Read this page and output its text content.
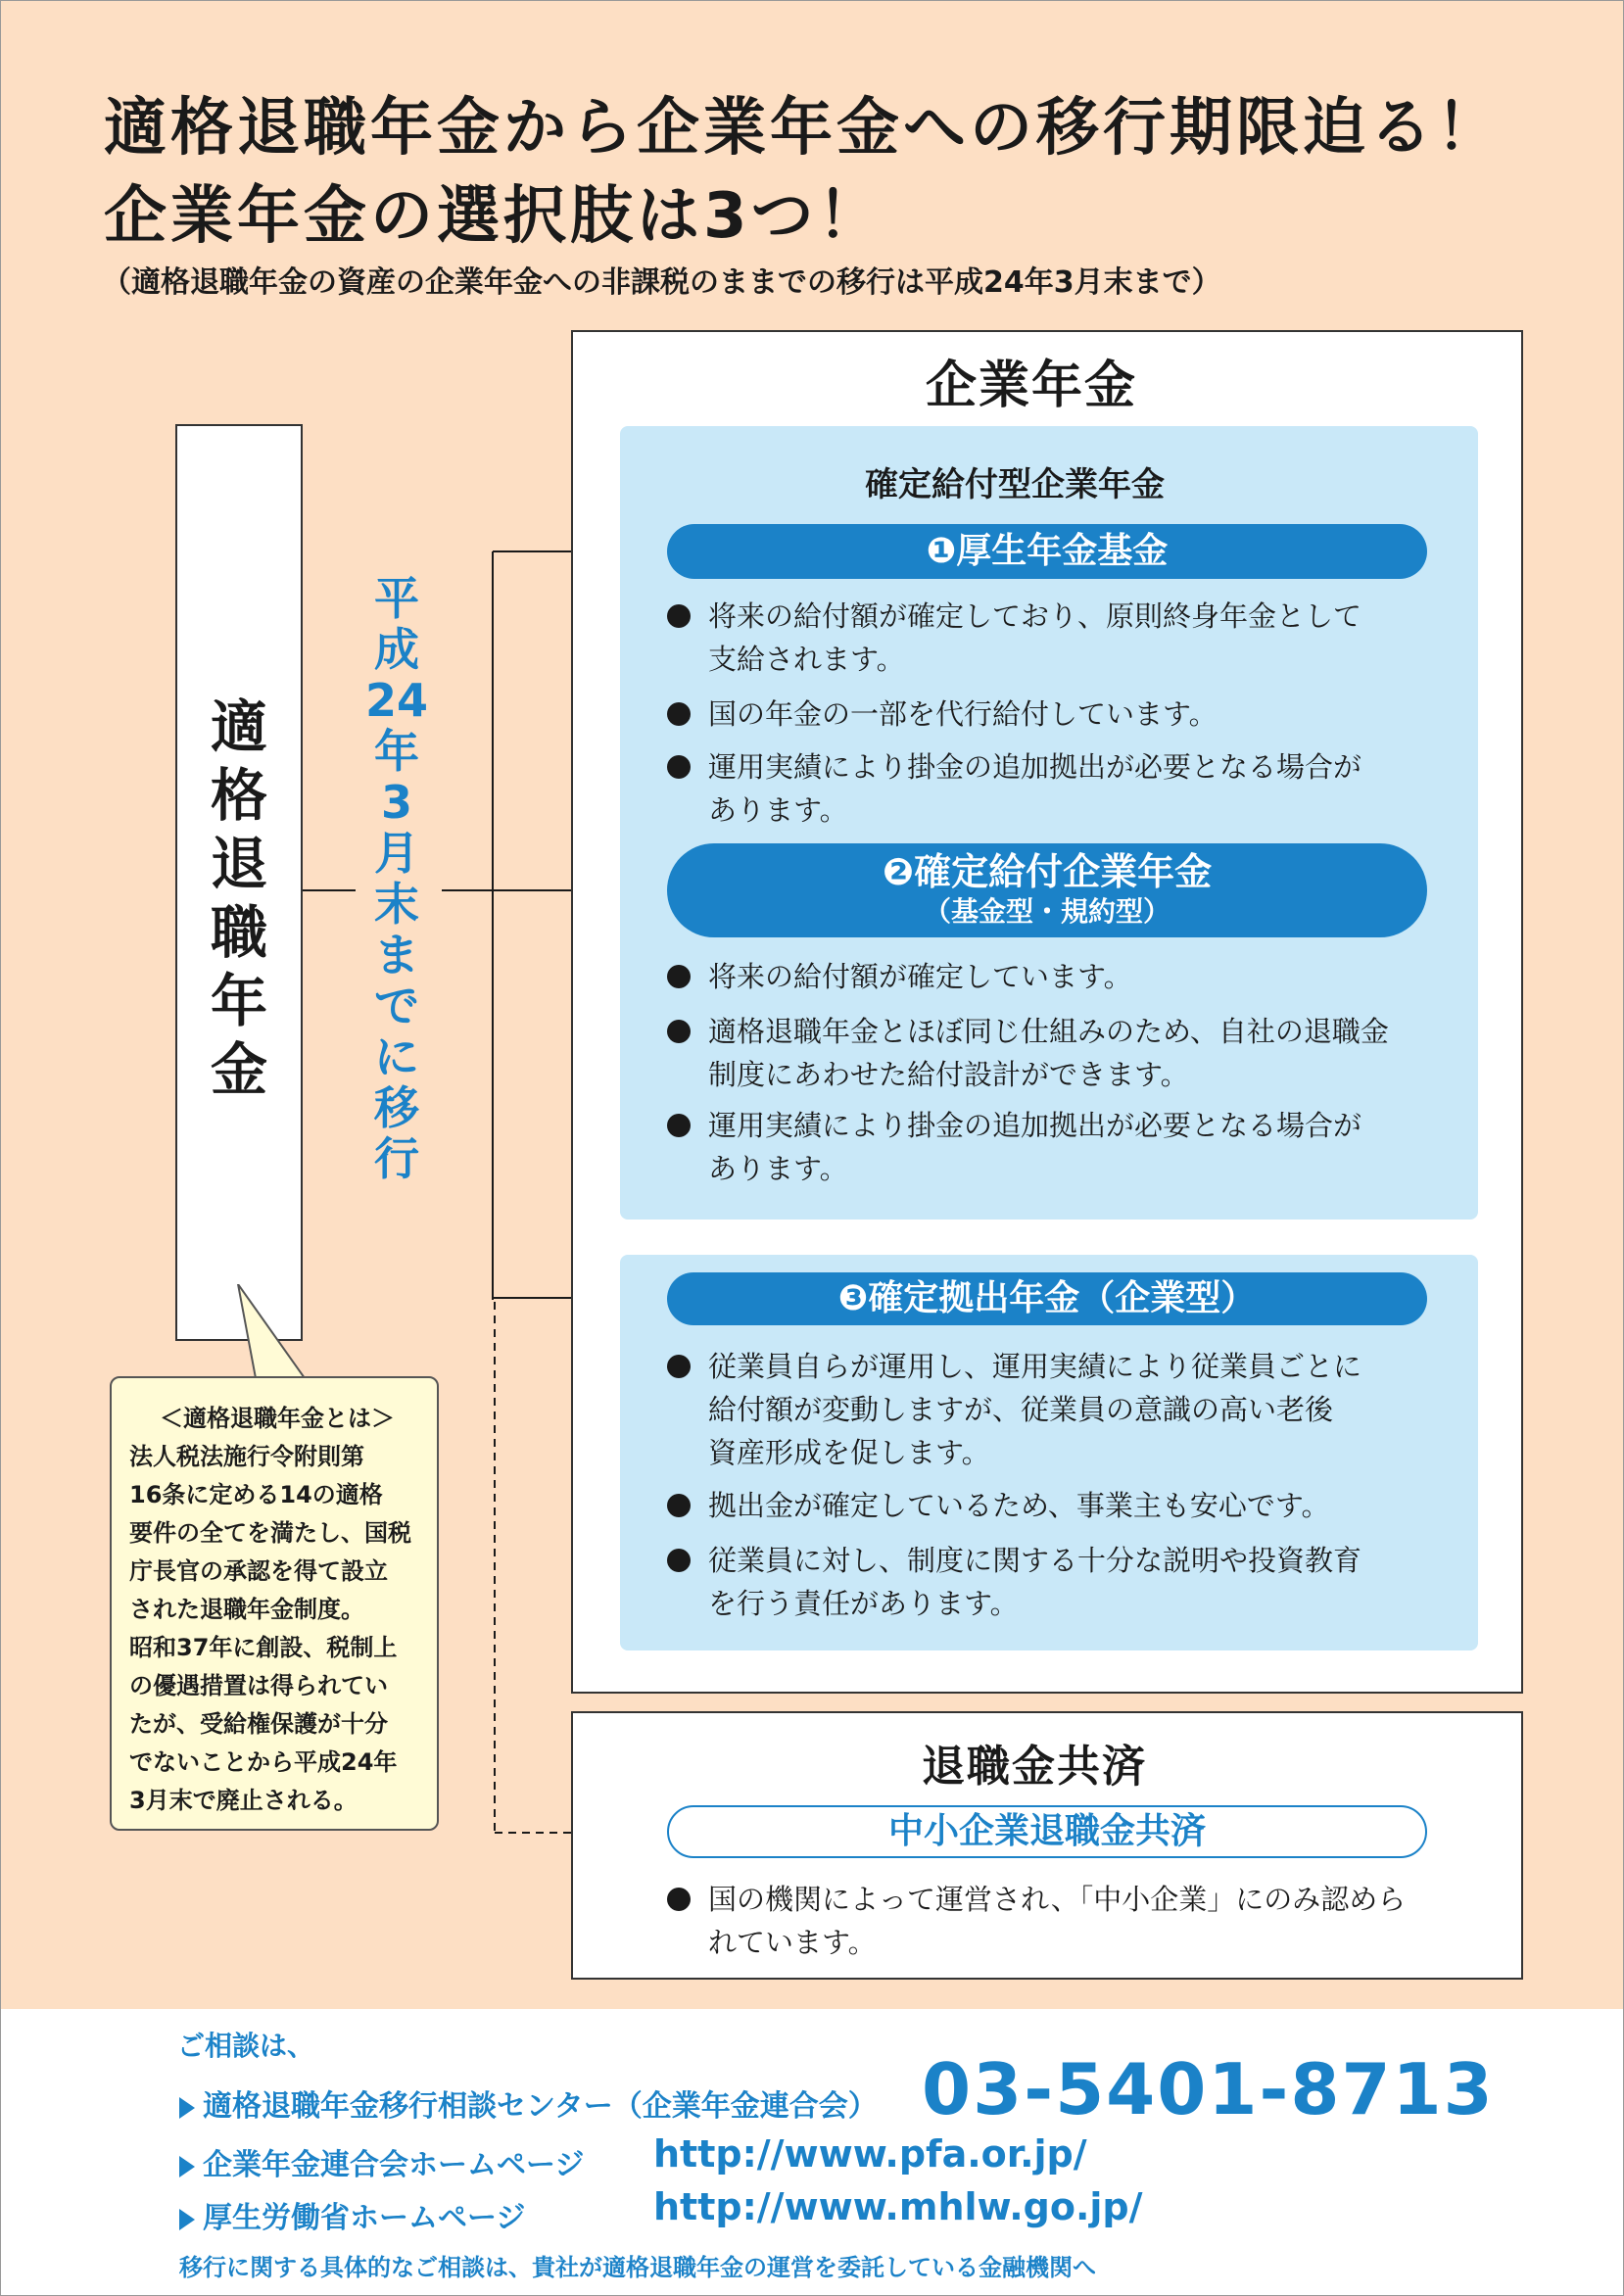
適格退職年金から企業年金への移行期限迫る！
企業年金の選択肢は3つ！
（適格退職年金の資産の企業年金への非課税のままでの移行は平成24年3月末まで）
適格退職年金
平成24年3月末までに移行
＜適格退職年金とは＞
法人税法施行令附則第
16条に定める14の適格
要件の全てを満たし、国税
庁長官の承認を得て設立
された退職年金制度。
昭和37年に創設、税制上
の優遇措置は得られてい
たが、受給権保護が十分
でないことから平成24年
3月末で廃止される。
企業年金
確定給付型企業年金
❶厚生年金基金
将来の給付額が確定しており、原則終身年金として
支給されます。
国の年金の一部を代行給付しています。
運用実績により掛金の追加拠出が必要となる場合が
あります。
❷確定給付企業年金
（基金型・規約型）
将来の給付額が確定しています。
適格退職年金とほぼ同じ仕組みのため、自社の退職金
制度にあわせた給付設計ができます。
運用実績により掛金の追加拠出が必要となる場合が
あります。
❸確定拠出年金（企業型）
従業員自らが運用し、運用実績により従業員ごとに
給付額が変動しますが、従業員の意識の高い老後
資産形成を促します。
拠出金が確定しているため、事業主も安心です。
従業員に対し、制度に関する十分な説明や投資教育
を行う責任があります。
退職金共済
中小企業退職金共済
国の機関によって運営され、「中小企業」にのみ認めら
れています。
ご相談は、
適格退職年金移行相談センター（企業年金連合会） 03-5401-8713
企業年金連合会ホームページ http://www.pfa.or.jp/
厚生労働省ホームページ	http://www.mhlw.go.jp/
移行に関する具体的なご相談は、貴社が適格退職年金の運営を委託している金融機関へ
